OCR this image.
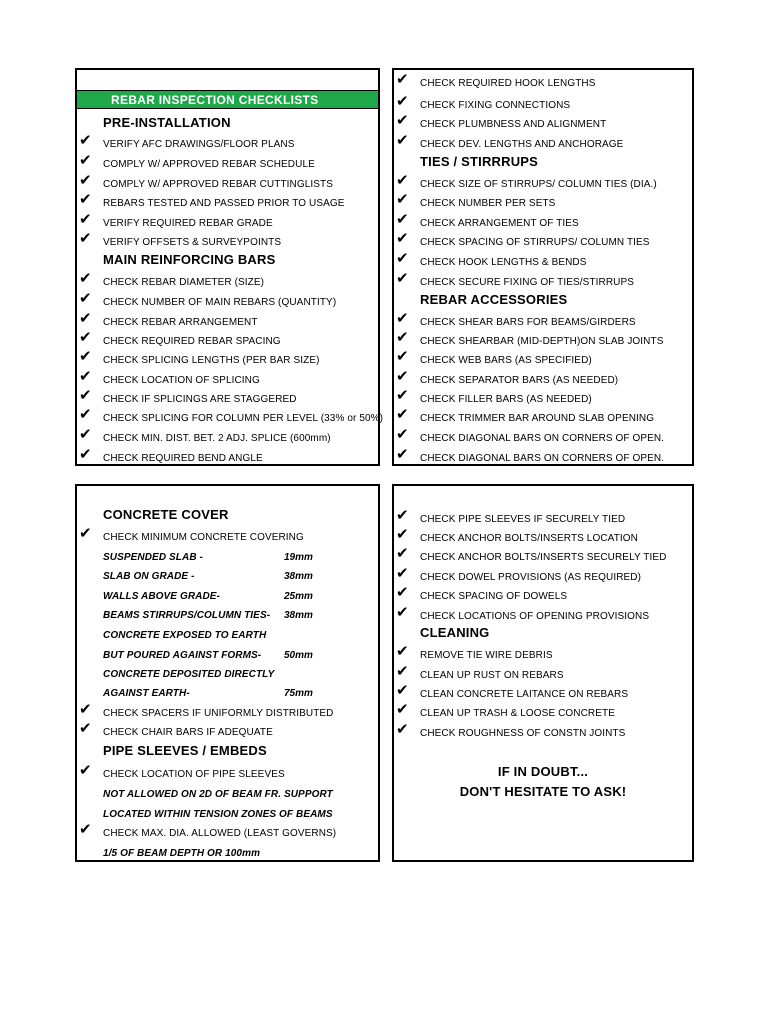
REBAR INSPECTION CHECKLISTS
PRE-INSTALLATION
✔ VERIFY AFC DRAWINGS/FLOOR PLANS
✔ COMPLY W/ APPROVED REBAR SCHEDULE
✔ COMPLY W/ APPROVED REBAR CUTTINGLISTS
✔ REBARS TESTED AND PASSED PRIOR TO USAGE
✔ VERIFY REQUIRED REBAR GRADE
✔ VERIFY OFFSETS & SURVEYPOINTS
MAIN REINFORCING BARS
✔ CHECK REBAR DIAMETER (SIZE)
✔ CHECK NUMBER OF MAIN REBARS (QUANTITY)
✔ CHECK REBAR ARRANGEMENT
✔ CHECK REQUIRED REBAR SPACING
✔ CHECK SPLICING LENGTHS (PER BAR SIZE)
✔ CHECK LOCATION OF SPLICING
✔ CHECK IF SPLICINGS ARE STAGGERED
✔ CHECK SPLICING FOR COLUMN PER LEVEL (33% or 50%)
✔ CHECK MIN. DIST. BET. 2 ADJ. SPLICE (600mm)
✔ CHECK REQUIRED BEND ANGLE
✔ CHECK REQUIRED HOOK LENGTHS
✔ CHECK FIXING CONNECTIONS
✔ CHECK PLUMBNESS AND ALIGNMENT
✔ CHECK DEV. LENGTHS AND ANCHORAGE
TIES / STIRRRUPS
✔ CHECK SIZE OF STIRRUPS/ COLUMN TIES (DIA.)
✔ CHECK NUMBER PER SETS
✔ CHECK ARRANGEMENT OF TIES
✔ CHECK SPACING OF STIRRUPS/ COLUMN TIES
✔ CHECK HOOK LENGTHS & BENDS
✔ CHECK SECURE FIXING OF TIES/STIRRUPS
REBAR ACCESSORIES
✔ CHECK SHEAR BARS FOR BEAMS/GIRDERS
✔ CHECK SHEARBAR (MID-DEPTH)ON SLAB JOINTS
✔ CHECK WEB BARS (AS SPECIFIED)
✔ CHECK SEPARATOR BARS (AS NEEDED)
✔ CHECK FILLER BARS (AS NEEDED)
✔ CHECK TRIMMER BAR AROUND SLAB OPENING
✔ CHECK DIAGONAL BARS ON CORNERS OF OPEN.
✔ CHECK DIAGONAL BARS ON CORNERS OF OPEN.
CONCRETE COVER
✔ CHECK MINIMUM CONCRETE COVERING
SUSPENDED SLAB -	19mm
SLAB ON GRADE -	38mm
WALLS ABOVE GRADE-	25mm
BEAMS STIRRUPS/COLUMN TIES- 38mm
CONCRETE EXPOSED TO EARTH
BUT POURED AGAINST FORMS- 50mm
CONCRETE DEPOSITED DIRECTLY
AGAINST EARTH-	75mm
✔ CHECK SPACERS IF UNIFORMLY DISTRIBUTED
✔ CHECK CHAIR BARS IF ADEQUATE
PIPE SLEEVES / EMBEDS
✔ CHECK LOCATION OF PIPE SLEEVES
NOT ALLOWED ON 2D OF BEAM FR. SUPPORT
LOCATED WITHIN TENSION ZONES OF BEAMS
✔ CHECK MAX. DIA. ALLOWED (LEAST GOVERNS)
1/5 OF BEAM DEPTH OR 100mm
✔ CHECK PIPE SLEEVES IF SECURELY TIED
✔ CHECK ANCHOR BOLTS/INSERTS LOCATION
✔ CHECK ANCHOR BOLTS/INSERTS SECURELY TIED
✔ CHECK DOWEL PROVISIONS (AS REQUIRED)
✔ CHECK SPACING OF DOWELS
✔ CHECK LOCATIONS OF OPENING PROVISIONS
CLEANING
✔ REMOVE TIE WIRE DEBRIS
✔ CLEAN UP RUST ON REBARS
✔ CLEAN CONCRETE LAITANCE ON REBARS
✔ CLEAN UP TRASH & LOOSE CONCRETE
✔ CHECK ROUGHNESS OF CONSTN JOINTS
IF IN DOUBT...
DON'T HESITATE TO ASK!
